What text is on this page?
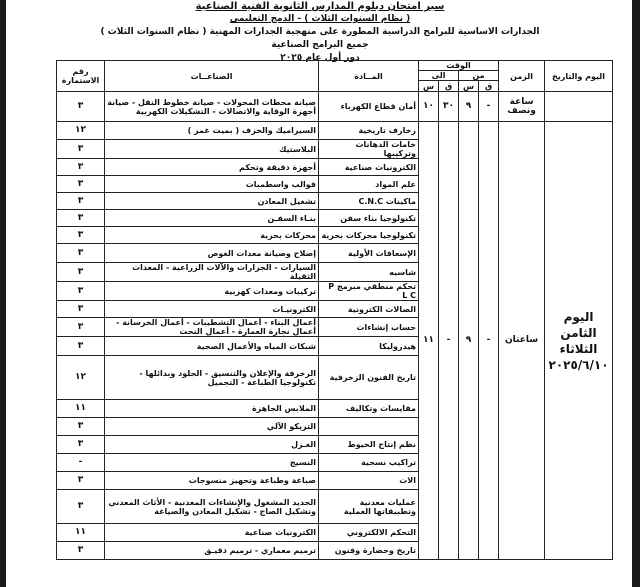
سير امتحان دبلوم المدارس الثانوية الفنية الصناعية
( نظام السنوات الثلاث ) - الدمج التعليمي
الجدارات الاساسية للبرامج الدراسية المطورة على منهجية الجدارات المهنية ( نظام السنوات الثلاث )
جميع البرامج الصناعية
دور أول عام ٢٠٢٥
اليوم والتاريخ	الزمن	الوقت				المــادة	الصناعــات	رقم الاستمارة
		من		الى				
		ق	س	ق	س			
	ساعة ونصف	-	٩	٣٠	١٠	أمان قطاع الكهرباء	صيانة محطات المحولات - صيانة خطوط النقل - صيانة أجهزة الوقاية والاتصالات - التشكيلات الكهربية	٣
اليوم الثامن الثلاثاء ٢٠٢٥/٦/١٠	ساعتان	-	٩	-	١١	زخارف تاريخية	السيراميك والخزف ( بميت غمر )	١٢
						خامات الدهانات وتركيبها	البلاستيك	٣
						الكترونيات صناعية	أجهزة دقيقة وتحكم	٣
						علم المواد	قوالب واسطمبات	٣
						ماكينات C.N.C	تشغيل المعادن	٣
						تكنولوجيا بناء سفن	بنـاء السفـن	٣
						تكنولوجيا محركات بحرية	محركات بحرية	٣
						الإسعافات الأولية	إصلاح وصيانة معدات الغوص	٣
						شاسيه	السيارات - الجرارات والآلات الزراعية - المعدات الثقيلة	٣
						تحكم منطقي مبرمج P L C	تركيبات ومعدات كهربية	٣
						الصالات الكترونية	الكترونيـات	٣
						حساب إنشاءات	أعمال البناء - أعمال التشطيبات - أعمال الخرسانة - أعمال نجارة العمارة - أعمال النحت	٣
						هيدروليكا	شبكات المياه والأعمال الصحية	٣
						تاريخ الفنون الزخرفية	الزخرفة والإعلان والتنسيق - الجلود وبدائلها - تكنولوجيا الطباعة - التجميل	١٢
						مقايسات وتكاليف	الملابس الجاهزة	١١
							التريكو الآلي	٣
						نظم إنتاج الخيوط	الغـزل	٣
						تراكيب نسجية	النسيج	-
						الات	صباغة وطباعة وتجهيز منسوجات	٣
						عمليات معدنية وتطبيقاتها العملية	الحديد المشغول والإنشاءات المعدنية - الأثاث المعدني وتشكيل الصاج - تشكيل المعادن والصياغة	٣
						التحكم الالكتروني	الكترونيات صناعية	١١
						تاريخ وحضارة وفنون	ترميم معماري - ترميم دقيـق	٣
